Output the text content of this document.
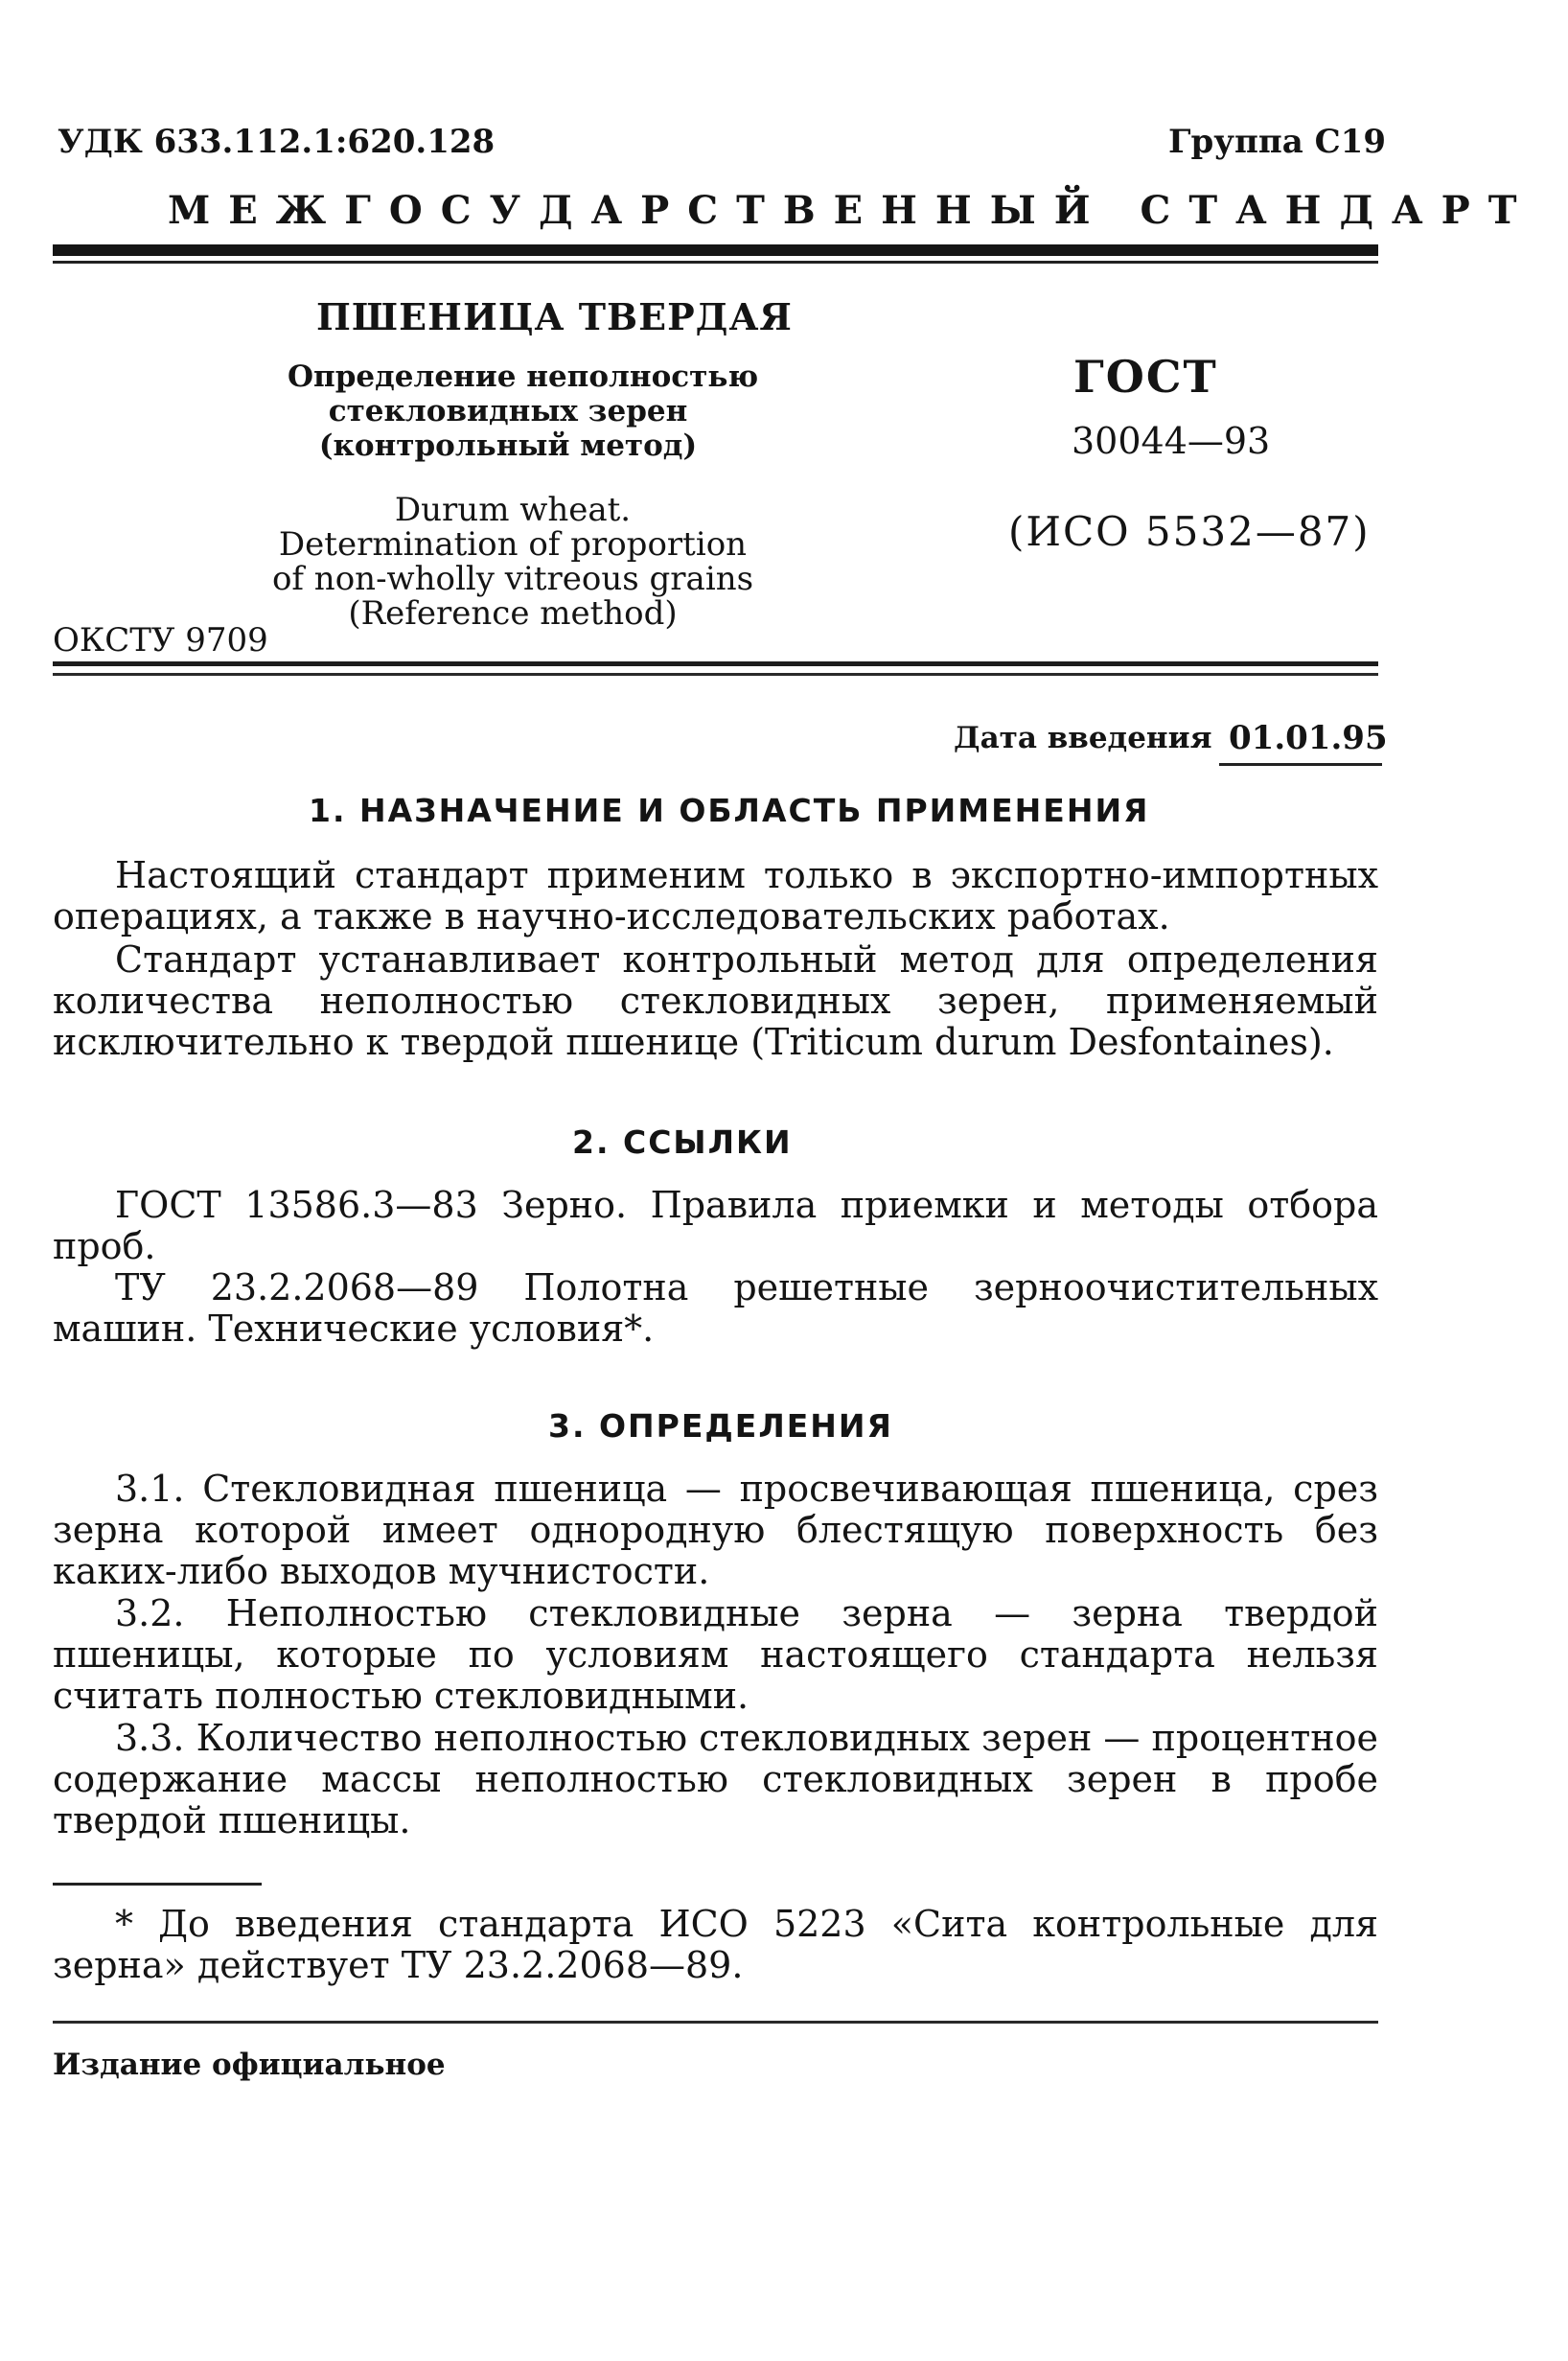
УДК 633.112.1:620.128	Группа С19
МЕЖГОСУДАРСТВЕННЫЙ СТАНДАРТ
ПШЕНИЦА ТВЕРДАЯ
Определение неполностью
стекловидных зерен
(контрольный метод)
Durum wheat.
Determination of proportion
of non-wholly vitreous grains
(Reference method)
ОКСТУ 9709
ГОСТ
30044—93
(ИСО 5532—87)
Дата введения 01.01.95
1. НАЗНАЧЕНИЕ И ОБЛАСТЬ ПРИМЕНЕНИЯ
Настоящий стандарт применим только в экспортно-импортных операциях, а также в научно-исследовательских работах.
Стандарт устанавливает контрольный метод для определения количества неполностью стекловидных зерен, применяемый исключительно к твердой пшенице (Triticum durum Desfontaines).
2. ССЫЛКИ
ГОСТ 13586.3—83 Зерно. Правила приемки и методы отбора проб.
ТУ 23.2.2068—89 Полотна решетные зерноочистительных машин. Технические условия*.
3. ОПРЕДЕЛЕНИЯ
3.1. Стекловидная пшеница — просвечивающая пшеница, срез зерна которой имеет однородную блестящую поверхность без каких-либо выходов мучнистости.
3.2. Неполностью стекловидные зерна — зерна твердой пшеницы, которые по условиям настоящего стандарта нельзя считать полностью стекловидными.
3.3. Количество неполностью стекловидных зерен — процентное содержание массы неполностью стекловидных зерен в пробе твердой пшеницы.
* До введения стандарта ИСО 5223 «Сита контрольные для зерна» действует ТУ 23.2.2068—89.
Издание официальное
